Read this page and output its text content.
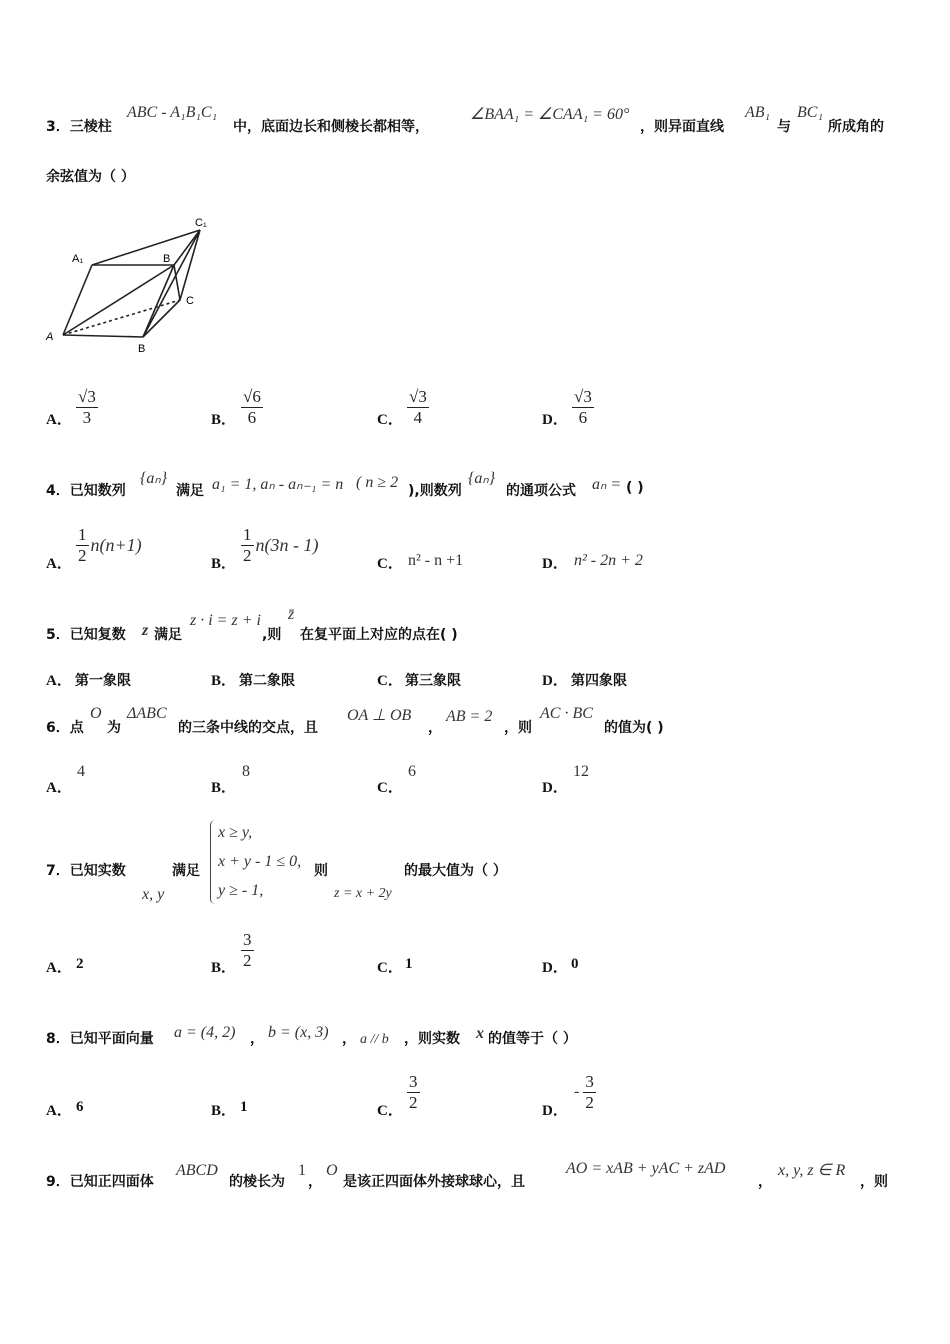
3．三棱柱
ABC - A₁B₁C₁
中，底面边长和侧棱长都相等，
∠BAA₁ = ∠CAA₁ = 60°
，则异面直线
AB₁
与
BC₁
所成角的
余弦值为（ ）
A₁	B
C₁
C
A
B
A． $\frac{√3}{3}$	B． $\frac{√6}{6}$	C． $\frac{√3}{4}$	D． $\frac{√3}{6}$
4．已知数列
{aₙ}
满足 a₁ = 1, aₙ - aₙ₋₁ = n ( n ≥ 2 ),则数列
{aₙ}
的通项公式 aₙ = ( )
A． $\frac{1}{2} n(n+1)$
B． $\frac{1}{2} n(3n - 1)$
C． n² - n +1	D． n² - 2n + 2
5．已知复数 z 满足
z · i = z + i
,则
z̄
在复平面上对应的点在( )
A． 第一象限	B． 第二象限	C． 第三象限	D． 第四象限
6．点
O
为
ΔABC
的三条中线的交点，且
OA ⊥ OB
，
AB = 2
，则
AC · BC
的值为( )
A．
4
B．
8
C．
6
D．
12
7．已知实数
x, y
满足
x ≥ y,
x + y - 1 ≤ 0,
y ≥ - 1,
则
z = x + 2y
的最大值为（ ）
A． 2	B． $\frac{3}{2}$	C． 1	D． 0
8．已知平面向量 a = (4, 2) ， b = (x, 3) ， a // b ，则实数 x 的值等于（ ）
A． 6	B． 1	C． $\frac{3}{2}$	D．
- $\frac{3}{2}$
9．已知正四面体
ABCD
的棱长为
1
，
O
是该正四面体外接球球心，且
AO = xAB + yAC + zAD
，
x, y, z ∈ R
，则
